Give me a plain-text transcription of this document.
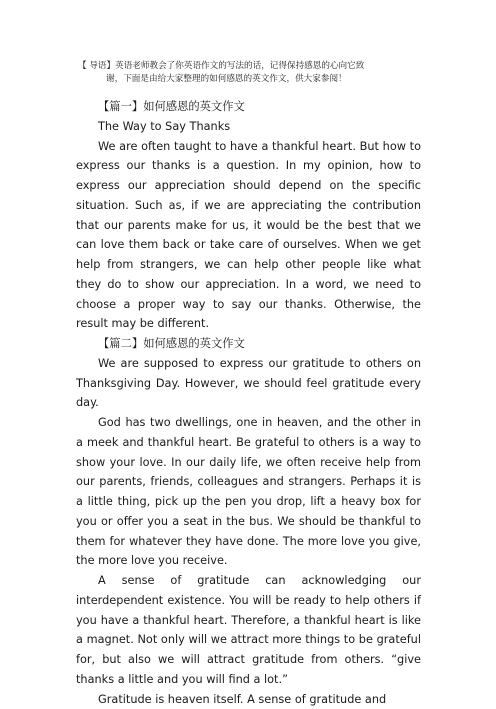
【 导语】英语老师教会了你英语作文的写法的话，记得保持感恩的心向它致
谢，下面是由给大家整理的如何感恩的英文作文，供大家参阅！

【篇一】如何感恩的英文作文

The Way to Say Thanks

We are often taught to have a thankful heart. But how to express our thanks is a question. In my opinion, how to express our appreciation should depend on the specific situation. Such as, if we are appreciating the contribution that our parents make for us, it would be the best that we can love them back or take care of ourselves. When we get help from strangers, we can help other people like what they do to show our appreciation. In a word, we need to choose a proper way to say our thanks. Otherwise, the result may be different.

【篇二】如何感恩的英文作文

We are supposed to express our gratitude to others on Thanksgiving Day. However, we should feel gratitude every day.

God has two dwellings, one in heaven, and the other in a meek and thankful heart. Be grateful to others is a way to show your love. In our daily life, we often receive help from our parents, friends, colleagues and strangers. Perhaps it is a little thing, pick up the pen you drop, lift a heavy box for you or offer you a seat in the bus. We should be thankful to them for whatever they have done. The more love you give, the more love you receive.

A sense of gratitude can acknowledging our interdependent existence. You will be ready to help others if you have a thankful heart. Therefore, a thankful heart is like a magnet. Not only will we attract more things to be grateful for, but also we will attract gratitude from others. “give thanks a little and you will find a lot.”

Gratitude is heaven itself. A sense of gratitude and
